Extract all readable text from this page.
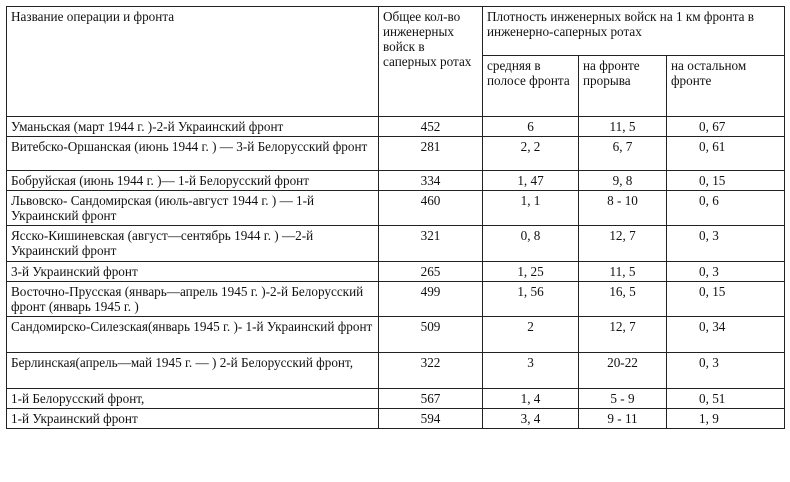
Название операции и фронта	Общее кол-во инженерных войск в саперных ротах	Плотность инженерных войск на 1 км фронта в инженерно-саперных ротах		
		средняя в полосе фронта	на фронте прорыва	на остальном фронте
Уманьская (март 1944 г. )-2-й Украинский фронт	452	6	11, 5	0, 67
Витебско-Оршанская (июнь 1944 г. ) — 3-й Белорусский фронт	281	2, 2	6, 7	0, 61
Бобруйская (июнь 1944 г. )— 1-й Белорусский фронт	334	1, 47	9, 8	0, 15
Львовско- Сандомирская (июль-август 1944 г. ) — 1-й Украинский фронт	460	1, 1	8 - 10	0, 6
Ясско-Кишиневская (август—сентябрь 1944 г. ) —2-й Украинский фронт	321	0, 8	12, 7	0, 3
3-й Украинский фронт	265	1, 25	11, 5	0, 3
Восточно-Прусская (январь—апрель 1945 г. )-2-й Белорусский фронт (январь 1945 г. )	499	1, 56	16, 5	0, 15
Сандомирско-Силезская(январь 1945 г. )- 1-й Украинский фронт	509	2	12, 7	0, 34
Берлинская(апрель—май 1945 г. — ) 2-й Белорусский фронт,	322	3	20-22	0, 3
1-й Белорусский фронт,	567	1, 4	5 - 9	0, 51
1-й Украинский фронт	594	3, 4	9 - 11	1, 9
